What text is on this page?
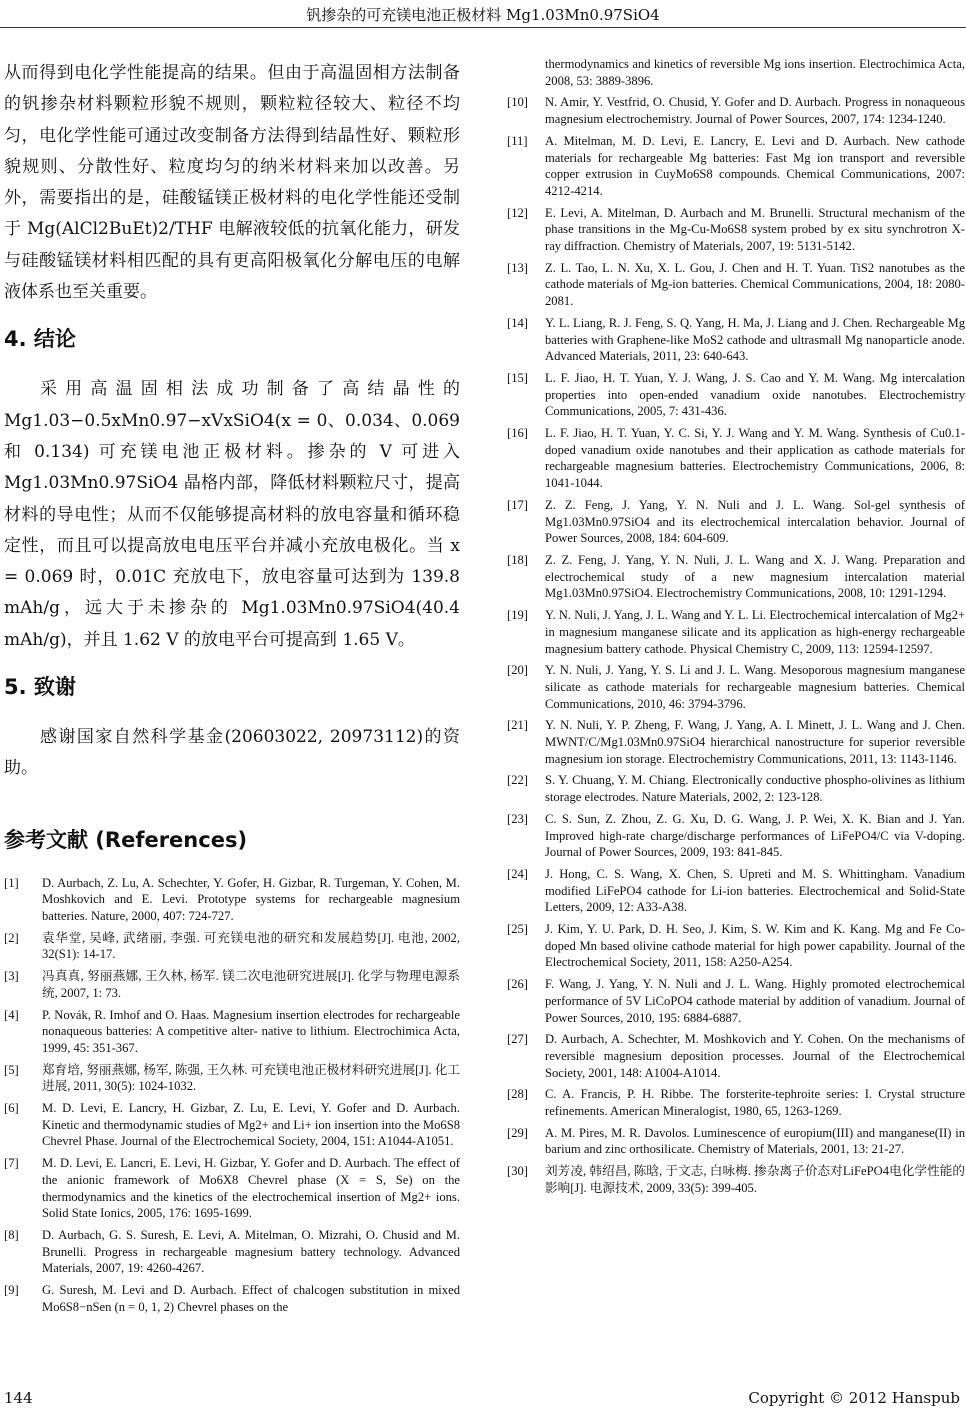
钒掺杂的可充镁电池正极材料 Mg1.03Mn0.97SiO4

从而得到电化学性能提高的结果。但由于高温固相方法制备的钒掺杂材料颗粒形貌不规则，颗粒粒径较大、粒径不均匀，电化学性能可通过改变制备方法得到结晶性好、颗粒形貌规则、分散性好、粒度均匀的纳米材料来加以改善。另外，需要指出的是，硅酸锰镁正极材料的电化学性能还受制于 Mg(AlCl2BuEt)2/THF 电解液较低的抗氧化能力，研发与硅酸锰镁材料相匹配的具有更高阳极氧化分解电压的电解液体系也至关重要。

4. 结论

采用高温固相法成功制备了高结晶性的 Mg1.03−0.5xMn0.97−xVxSiO4(x = 0、0.034、0.069 和 0.134) 可充镁电池正极材料。掺杂的 V 可进入 Mg1.03Mn0.97SiO4 晶格内部，降低材料颗粒尺寸，提高材料的导电性；从而不仅能够提高材料的放电容量和循环稳定性，而且可以提高放电电压平台并减小充放电极化。当 x = 0.069 时，0.01C 充放电下，放电容量可达到为 139.8 mAh/g，远大于未掺杂的 Mg1.03Mn0.97SiO4(40.4 mAh/g)，并且 1.62 V 的放电平台可提高到 1.65 V。

5. 致谢

感谢国家自然科学基金(20603022, 20973112)的资助。

参考文献 (References)
[1]	D. Aurbach, Z. Lu, A. Schechter, Y. Gofer, H. Gizbar, R. Turgeman, Y. Cohen, M. Moshkovich and E. Levi. Prototype systems for rechargeable magnesium batteries. Nature, 2000, 407: 724-727.
[2]	袁华堂, 吴峰, 武绪丽, 李强. 可充镁电池的研究和发展趋势[J]. 电池, 2002, 32(S1): 14-17.
[3]	冯真真, 努丽燕娜, 王久林, 杨军. 镁二次电池研究进展[J]. 化学与物理电源系统, 2007, 1: 73.
[4]	P. Novák, R. Imhof and O. Haas. Magnesium insertion electrodes for rechargeable nonaqueous batteries: A competitive alter- native to lithium. Electrochimica Acta, 1999, 45: 351-367.
[5]	郑育培, 努丽燕娜, 杨军, 陈强, 王久林. 可充镁电池正极材料研究进展[J]. 化工进展, 2011, 30(5): 1024-1032.
[6]	M. D. Levi, E. Lancry, H. Gizbar, Z. Lu, E. Levi, Y. Gofer and D. Aurbach. Kinetic and thermodynamic studies of Mg2+ and Li+ ion insertion into the Mo6S8 Chevrel Phase. Journal of the Electrochemical Society, 2004, 151: A1044-A1051.
[7]	M. D. Levi, E. Lancri, E. Levi, H. Gizbar, Y. Gofer and D. Aurbach. The effect of the anionic framework of Mo6X8 Chevrel phase (X = S, Se) on the thermodynamics and the kinetics of the electrochemical insertion of Mg2+ ions. Solid State Ionics, 2005, 176: 1695-1699.
[8]	D. Aurbach, G. S. Suresh, E. Levi, A. Mitelman, O. Mizrahi, O. Chusid and M. Brunelli. Progress in rechargeable magnesium battery technology. Advanced Materials, 2007, 19: 4260-4267.
[9]	G. Suresh, M. Levi and D. Aurbach. Effect of chalcogen substitution in mixed Mo6S8−nSen (n = 0, 1, 2) Chevrel phases on the
thermodynamics and kinetics of reversible Mg ions insertion. Electrochimica Acta, 2008, 53: 3889-3896.
[10]	N. Amir, Y. Vestfrid, O. Chusid, Y. Gofer and D. Aurbach. Progress in nonaqueous magnesium electrochemistry. Journal of Power Sources, 2007, 174: 1234-1240.
[11]	A. Mitelman, M. D. Levi, E. Lancry, E. Levi and D. Aurbach. New cathode materials for rechargeable Mg batteries: Fast Mg ion transport and reversible copper extrusion in CuyMo6S8 compounds. Chemical Communications, 2007: 4212-4214.
[12]	E. Levi, A. Mitelman, D. Aurbach and M. Brunelli. Structural mechanism of the phase transitions in the Mg-Cu-Mo6S8 system probed by ex situ synchrotron X-ray diffraction. Chemistry of Materials, 2007, 19: 5131-5142.
[13]	Z. L. Tao, L. N. Xu, X. L. Gou, J. Chen and H. T. Yuan. TiS2 nanotubes as the cathode materials of Mg-ion batteries. Chemical Communications, 2004, 18: 2080-2081.
[14]	Y. L. Liang, R. J. Feng, S. Q. Yang, H. Ma, J. Liang and J. Chen. Rechargeable Mg batteries with Graphene-like MoS2 cathode and ultrasmall Mg nanoparticle anode. Advanced Materials, 2011, 23: 640-643.
[15]	L. F. Jiao, H. T. Yuan, Y. J. Wang, J. S. Cao and Y. M. Wang. Mg intercalation properties into open-ended vanadium oxide nanotubes. Electrochemistry Communications, 2005, 7: 431-436.
[16]	L. F. Jiao, H. T. Yuan, Y. C. Si, Y. J. Wang and Y. M. Wang. Synthesis of Cu0.1-doped vanadium oxide nanotubes and their application as cathode materials for rechargeable magnesium batteries. Electrochemistry Communications, 2006, 8: 1041-1044.
[17]	Z. Z. Feng, J. Yang, Y. N. Nuli and J. L. Wang. Sol-gel synthesis of Mg1.03Mn0.97SiO4 and its electrochemical intercalation behavior. Journal of Power Sources, 2008, 184: 604-609.
[18]	Z. Z. Feng, J. Yang, Y. N. Nuli, J. L. Wang and X. J. Wang. Preparation and electrochemical study of a new magnesium intercalation material Mg1.03Mn0.97SiO4. Electrochemistry Communications, 2008, 10: 1291-1294.
[19]	Y. N. Nuli, J. Yang, J. L. Wang and Y. L. Li. Electrochemical intercalation of Mg2+ in magnesium manganese silicate and its application as high-energy rechargeable magnesium battery cathode. Physical Chemistry C, 2009, 113: 12594-12597.
[20]	Y. N. Nuli, J. Yang, Y. S. Li and J. L. Wang. Mesoporous magnesium manganese silicate as cathode materials for rechargeable magnesium batteries. Chemical Communications, 2010, 46: 3794-3796.
[21]	Y. N. Nuli, Y. P. Zheng, F. Wang, J. Yang, A. I. Minett, J. L. Wang and J. Chen. MWNT/C/Mg1.03Mn0.97SiO4 hierarchical nanostructure for superior reversible magnesium ion storage. Electrochemistry Communications, 2011, 13: 1143-1146.
[22]	S. Y. Chuang, Y. M. Chiang. Electronically conductive phospho-olivines as lithium storage electrodes. Nature Materials, 2002, 2: 123-128.
[23]	C. S. Sun, Z. Zhou, Z. G. Xu, D. G. Wang, J. P. Wei, X. K. Bian and J. Yan. Improved high-rate charge/discharge performances of LiFePO4/C via V-doping. Journal of Power Sources, 2009, 193: 841-845.
[24]	J. Hong, C. S. Wang, X. Chen, S. Upreti and M. S. Whittingham. Vanadium modified LiFePO4 cathode for Li-ion batteries. Electrochemical and Solid-State Letters, 2009, 12: A33-A38.
[25]	J. Kim, Y. U. Park, D. H. Seo, J. Kim, S. W. Kim and K. Kang. Mg and Fe Co-doped Mn based olivine cathode material for high power capability. Journal of the Electrochemical Society, 2011, 158: A250-A254.
[26]	F. Wang, J. Yang, Y. N. Nuli and J. L. Wang. Highly promoted electrochemical performance of 5V LiCoPO4 cathode material by addition of vanadium. Journal of Power Sources, 2010, 195: 6884-6887.
[27]	D. Aurbach, A. Schechter, M. Moshkovich and Y. Cohen. On the mechanisms of reversible magnesium deposition processes. Journal of the Electrochemical Society, 2001, 148: A1004-A1014.
[28]	C. A. Francis, P. H. Ribbe. The forsterite-tephroite series: I. Crystal structure refinements. American Mineralogist, 1980, 65, 1263-1269.
[29]	A. M. Pires, M. R. Davolos. Luminescence of europium(III) and manganese(II) in barium and zinc orthosilicate. Chemistry of Materials, 2001, 13: 21-27.
[30]	刘芳凌, 韩绍昌, 陈晗, 于文志, 白咏梅. 掺杂离子价态对LiFePO4电化学性能的影响[J]. 电源技术, 2009, 33(5): 399-405.
144	Copyright © 2012 Hanspub
